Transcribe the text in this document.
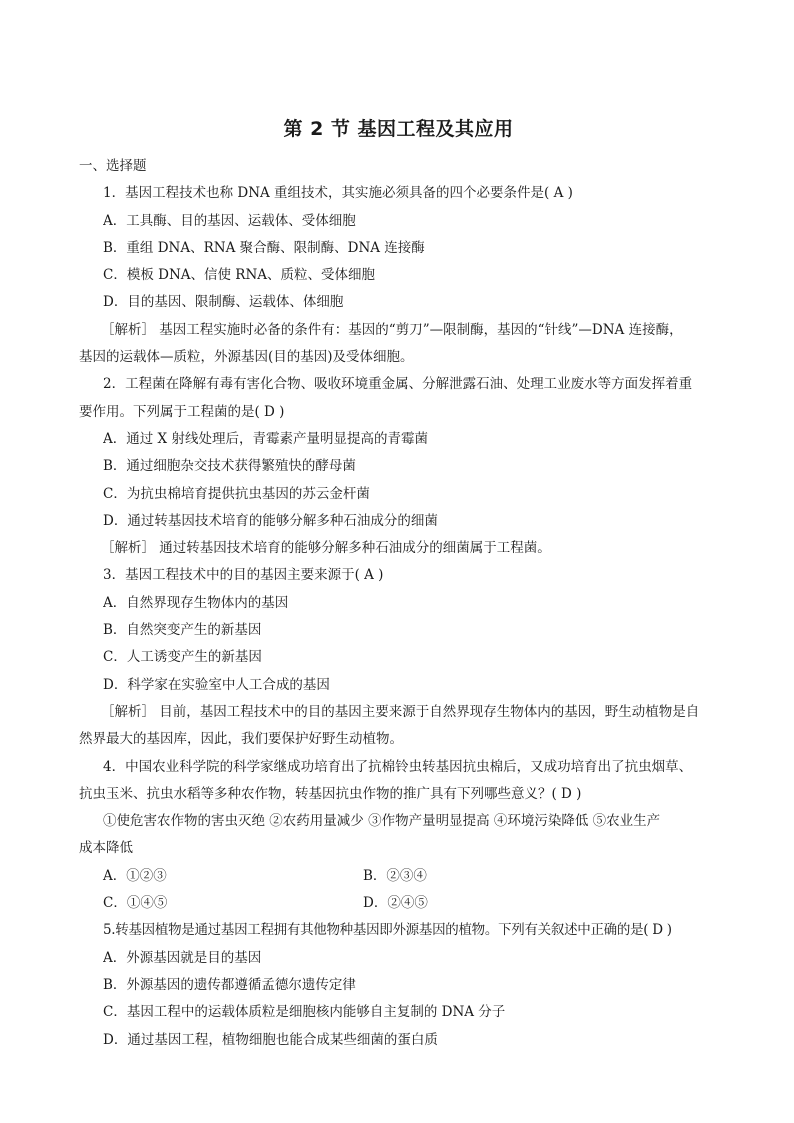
第 2 节 基因工程及其应用
一、选择题
1．基因工程技术也称 DNA 重组技术，其实施必须具备的四个必要条件是( A )
A．工具酶、目的基因、运载体、受体细胞
B．重组 DNA、RNA 聚合酶、限制酶、DNA 连接酶
C．模板 DNA、信使 RNA、质粒、受体细胞
D．目的基因、限制酶、运载体、体细胞
［解析］ 基因工程实施时必备的条件有：基因的“剪刀”—限制酶，基因的“针线”—DNA 连接酶，
基因的运载体—质粒，外源基因(目的基因)及受体细胞。
2．工程菌在降解有毒有害化合物、吸收环境重金属、分解泄露石油、处理工业废水等方面发挥着重
要作用。下列属于工程菌的是( D )
A．通过 X 射线处理后，青霉素产量明显提高的青霉菌
B．通过细胞杂交技术获得繁殖快的酵母菌
C．为抗虫棉培育提供抗虫基因的苏云金杆菌
D．通过转基因技术培育的能够分解多种石油成分的细菌
［解析］ 通过转基因技术培育的能够分解多种石油成分的细菌属于工程菌。
3．基因工程技术中的目的基因主要来源于( A )
A．自然界现存生物体内的基因
B．自然突变产生的新基因
C．人工诱变产生的新基因
D．科学家在实验室中人工合成的基因
［解析］ 目前，基因工程技术中的目的基因主要来源于自然界现存生物体内的基因，野生动植物是自
然界最大的基因库，因此，我们要保护好野生动植物。
4．中国农业科学院的科学家继成功培育出了抗棉铃虫转基因抗虫棉后，又成功培育出了抗虫烟草、
抗虫玉米、抗虫水稻等多种农作物，转基因抗虫作物的推广具有下列哪些意义？( D )
①使危害农作物的害虫灭绝 ②农药用量减少 ③作物产量明显提高 ④环境污染降低 ⑤农业生产
成本降低
A．①②③	B．②③④
C．①④⑤	D．②④⑤
5.转基因植物是通过基因工程拥有其他物种基因即外源基因的植物。下列有关叙述中正确的是( D )
A．外源基因就是目的基因
B．外源基因的遗传都遵循孟德尔遗传定律
C．基因工程中的运载体质粒是细胞核内能够自主复制的 DNA 分子
D．通过基因工程，植物细胞也能合成某些细菌的蛋白质
